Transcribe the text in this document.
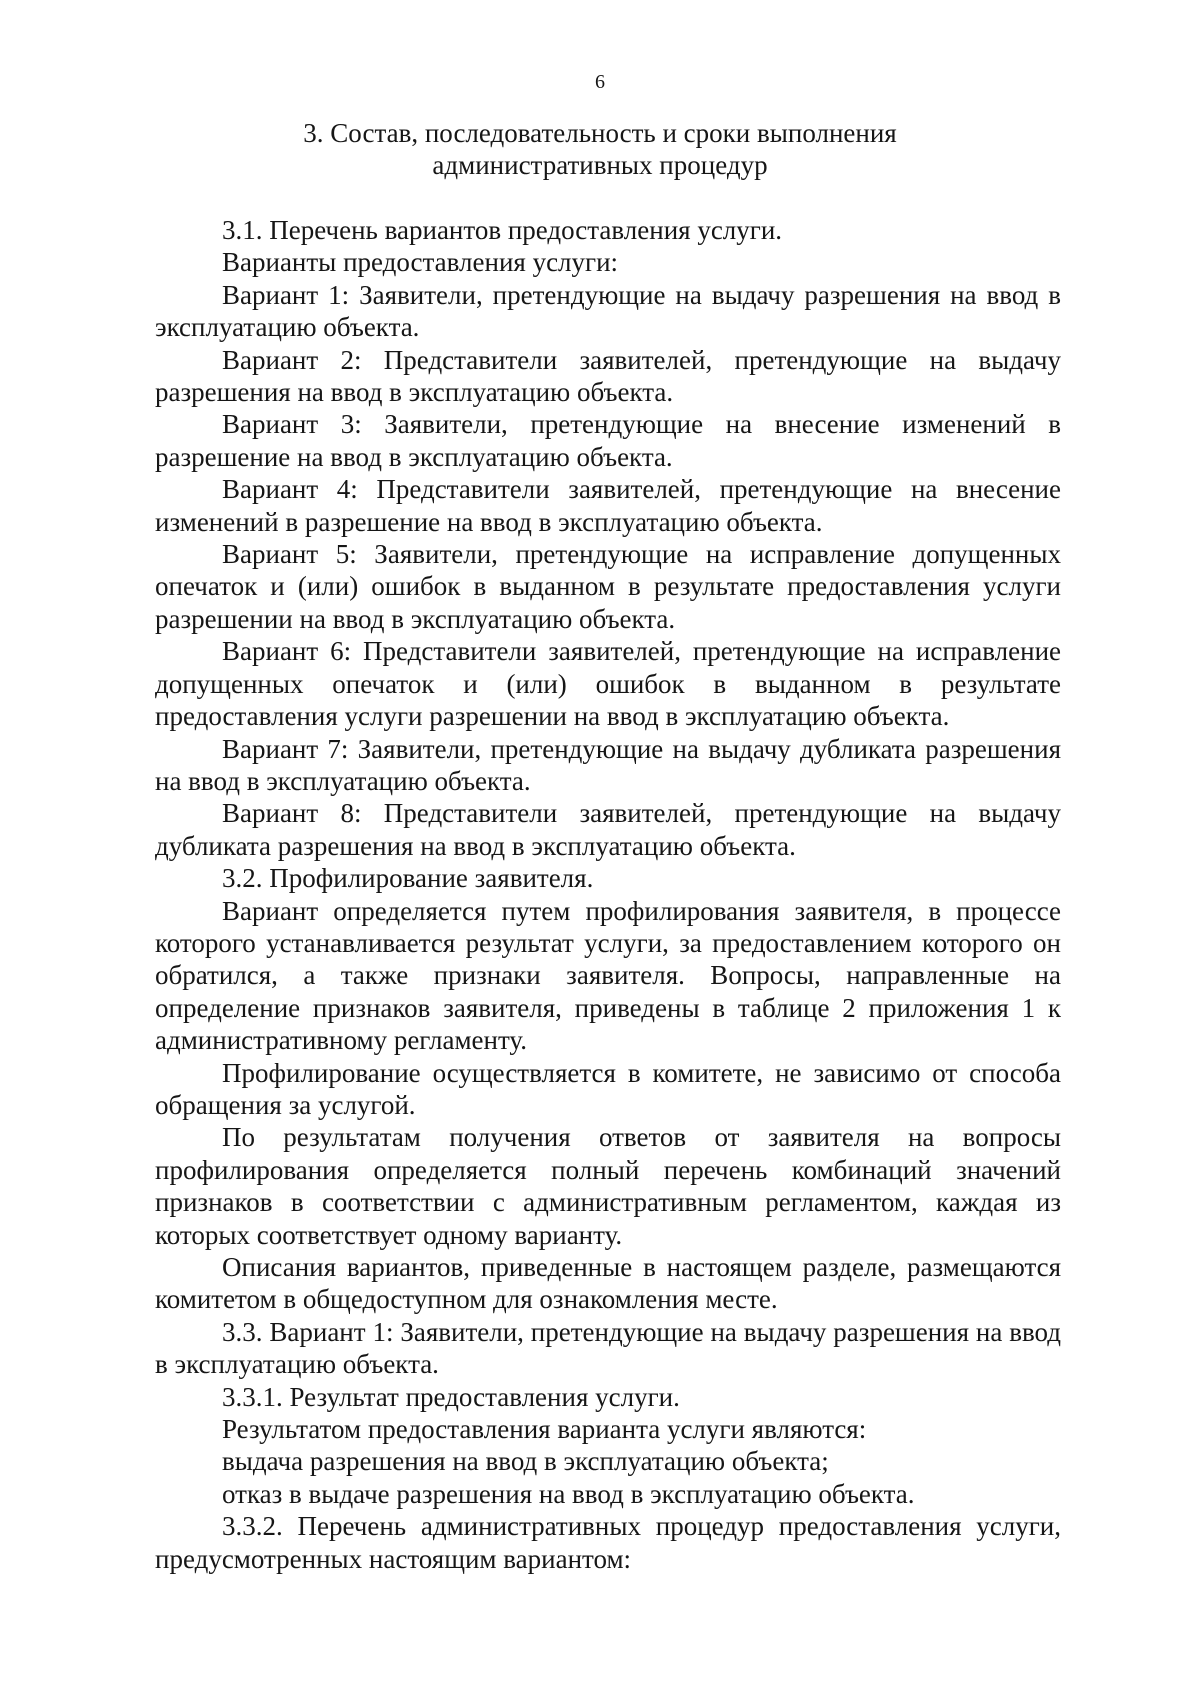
6
3. Состав, последовательность и сроки выполнения
административных процедур

3.1. Перечень вариантов предоставления услуги.

Варианты предоставления услуги:

Вариант 1: Заявители, претендующие на выдачу разрешения на ввод в эксплуатацию объекта.

Вариант 2: Представители заявителей, претендующие на выдачу разрешения на ввод в эксплуатацию объекта.

Вариант 3: Заявители, претендующие на внесение изменений в разрешение на ввод в эксплуатацию объекта.

Вариант 4: Представители заявителей, претендующие на внесение изменений в разрешение на ввод в эксплуатацию объекта.

Вариант 5: Заявители, претендующие на исправление допущенных опечаток и (или) ошибок в выданном в результате предоставления услуги разрешении на ввод в эксплуатацию объекта.

Вариант 6: Представители заявителей, претендующие на исправление допущенных опечаток и (или) ошибок в выданном в результате предоставления услуги разрешении на ввод в эксплуатацию объекта.

Вариант 7: Заявители, претендующие на выдачу дубликата разрешения на ввод в эксплуатацию объекта.

Вариант 8: Представители заявителей, претендующие на выдачу дубликата разрешения на ввод в эксплуатацию объекта.

3.2. Профилирование заявителя.

Вариант определяется путем профилирования заявителя, в процессе которого устанавливается результат услуги, за предоставлением которого он обратился, а также признаки заявителя. Вопросы, направленные на определение признаков заявителя, приведены в таблице 2 приложения 1 к административному регламенту.

Профилирование осуществляется в комитете, не зависимо от способа обращения за услугой.

По результатам получения ответов от заявителя на вопросы профилирования определяется полный перечень комбинаций значений признаков в соответствии с административным регламентом, каждая из которых соответствует одному варианту.

Описания вариантов, приведенные в настоящем разделе, размещаются комитетом в общедоступном для ознакомления месте.

3.3. Вариант 1: Заявители, претендующие на выдачу разрешения на ввод в эксплуатацию объекта.

3.3.1. Результат предоставления услуги.

Результатом предоставления варианта услуги являются:

выдача разрешения на ввод в эксплуатацию объекта;

отказ в выдаче разрешения на ввод в эксплуатацию объекта.

3.3.2. Перечень административных процедур предоставления услуги, предусмотренных настоящим вариантом:
